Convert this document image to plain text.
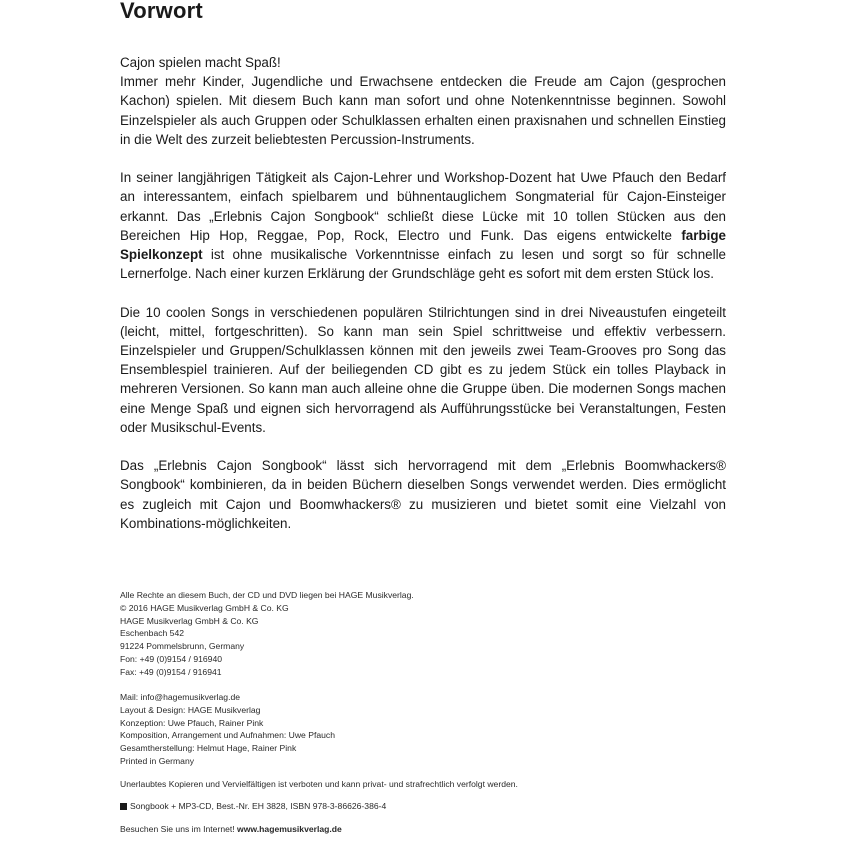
Vorwort

Cajon spielen macht Spaß!

Immer mehr Kinder, Jugendliche und Erwachsene entdecken die Freude am Cajon (gesprochen Kachon) spielen. Mit diesem Buch kann man sofort und ohne Notenkenntnisse beginnen. Sowohl Einzelspieler als auch Gruppen oder Schulklassen erhalten einen praxisnahen und schnellen Einstieg in die Welt des zurzeit beliebtesten Percussion-Instruments.

In seiner langjährigen Tätigkeit als Cajon-Lehrer und Workshop-Dozent hat Uwe Pfauch den Bedarf an interessantem, einfach spielbarem und bühnentauglichem Songmaterial für Cajon-Einsteiger erkannt. Das „Erlebnis Cajon Songbook“ schließt diese Lücke mit 10 tollen Stücken aus den Bereichen Hip Hop, Reggae, Pop, Rock, Electro und Funk. Das eigens entwickelte farbige Spielkonzept ist ohne musikalische Vorkenntnisse einfach zu lesen und sorgt so für schnelle Lernerfolge. Nach einer kurzen Erklärung der Grundschläge geht es sofort mit dem ersten Stück los.

Die 10 coolen Songs in verschiedenen populären Stilrichtungen sind in drei Niveaustufen eingeteilt (leicht, mittel, fortgeschritten). So kann man sein Spiel schrittweise und effektiv verbessern. Einzelspieler und Gruppen/Schulklassen können mit den jeweils zwei Team-Grooves pro Song das Ensemblespiel trainieren. Auf der beiliegenden CD gibt es zu jedem Stück ein tolles Playback in mehreren Versionen. So kann man auch alleine ohne die Gruppe üben. Die modernen Songs machen eine Menge Spaß und eignen sich hervorragend als Aufführungsstücke bei Veranstaltungen, Festen oder Musikschul-Events.

Das „Erlebnis Cajon Songbook“ lässt sich hervorragend mit dem „Erlebnis Boomwhackers® Songbook“ kombinieren, da in beiden Büchern dieselben Songs verwendet werden. Dies ermöglicht es zugleich mit Cajon und Boomwhackers® zu musizieren und bietet somit eine Vielzahl von Kombinations-möglichkeiten.

Alle Rechte an diesem Buch, der CD und DVD liegen bei HAGE Musikverlag.
© 2016 HAGE Musikverlag GmbH & Co. KG
HAGE Musikverlag GmbH & Co. KG
Eschenbach 542
91224 Pommelsbrunn, Germany
Fon: +49 (0)9154 / 916940
Fax: +49 (0)9154 / 916941
Mail: info@hagemusikverlag.de
Layout & Design: HAGE Musikverlag
Konzeption: Uwe Pfauch, Rainer Pink
Komposition, Arrangement und Aufnahmen: Uwe Pfauch
Gesamtherstellung: Helmut Hage, Rainer Pink
Printed in Germany
Unerlaubtes Kopieren und Vervielfältigen ist verboten und kann privat- und strafrechtlich verfolgt werden.
Songbook + MP3-CD, Best.-Nr. EH 3828, ISBN 978-3-86626-386-4
Besuchen Sie uns im Internet! www.hagemusikverlag.de
